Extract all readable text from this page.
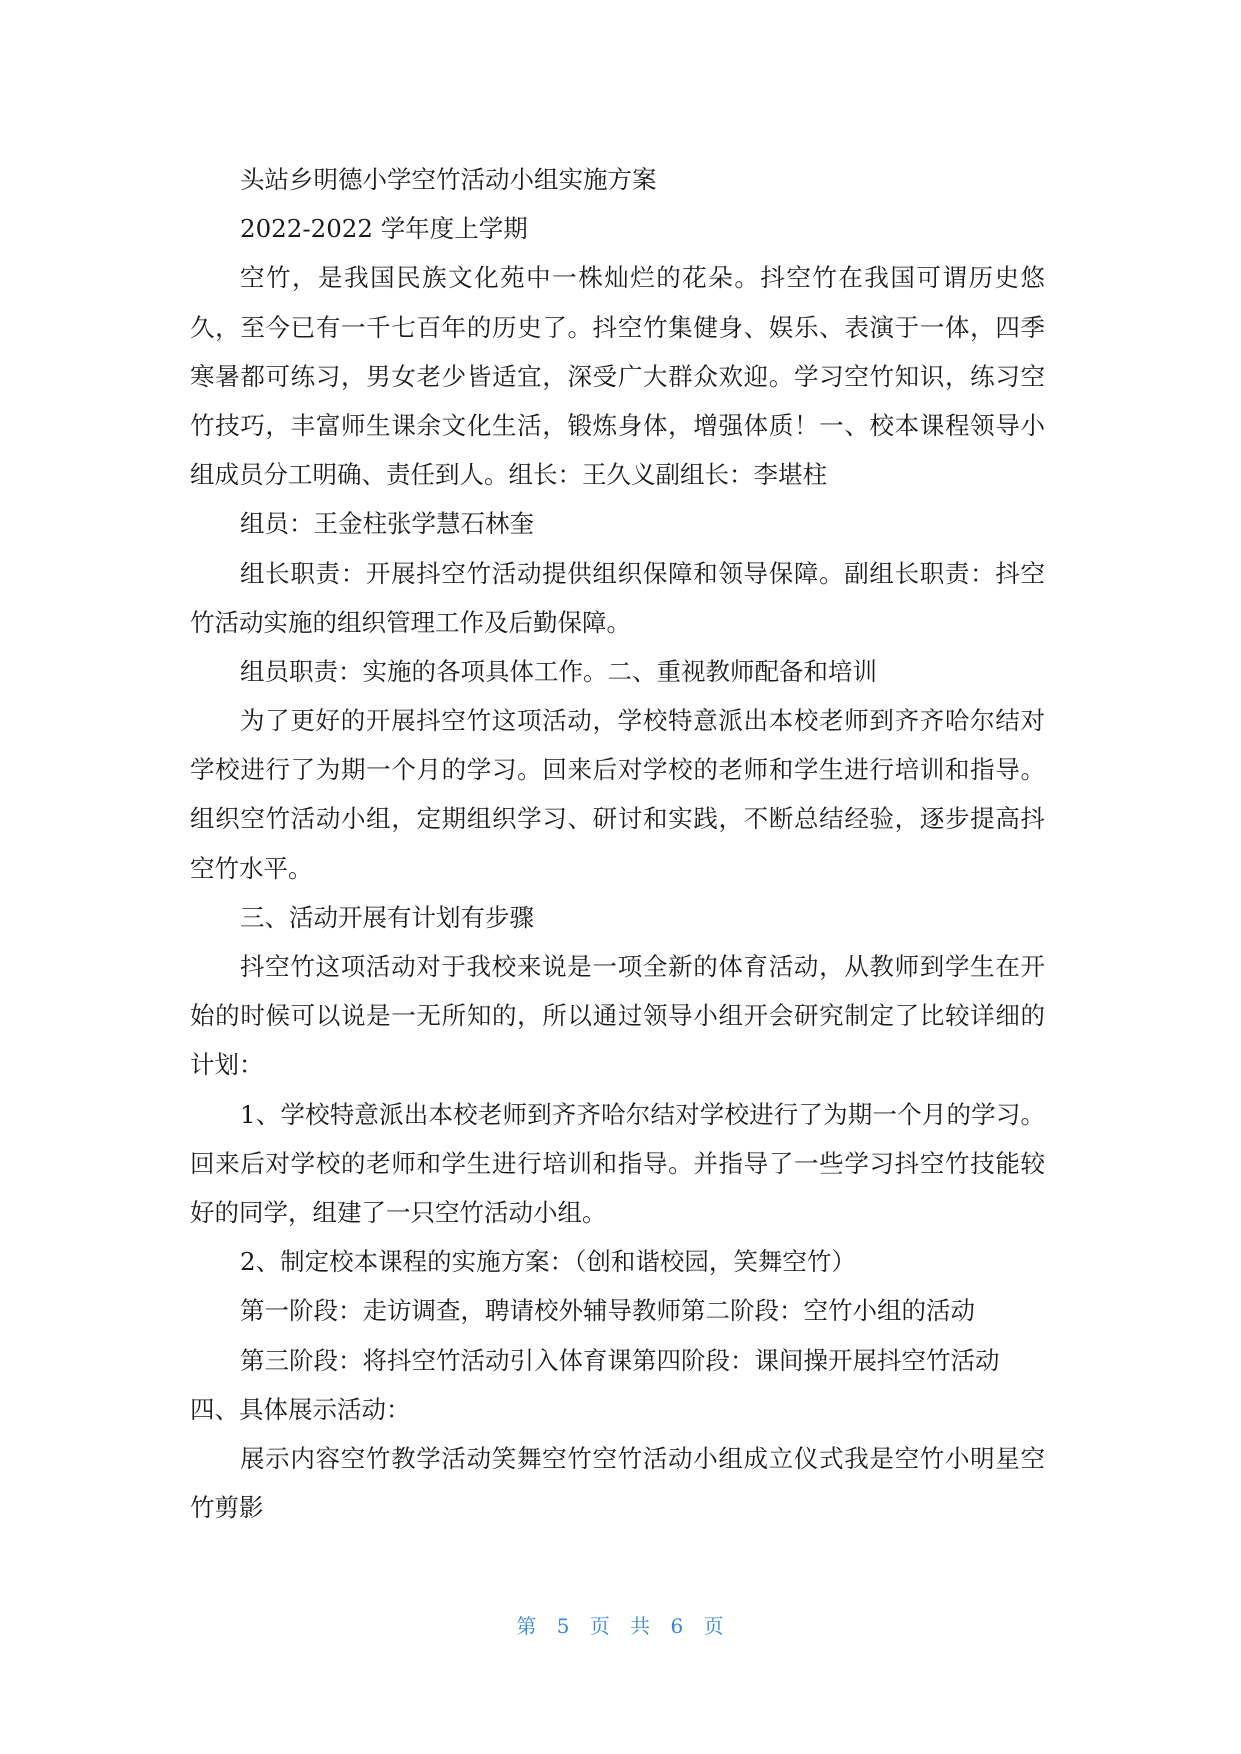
头站乡明德小学空竹活动小组实施方案
2022-2022 学年度上学期
空竹，是我国民族文化苑中一株灿烂的花朵。抖空竹在我国可谓历史悠
久，至今已有一千七百年的历史了。抖空竹集健身、娱乐、表演于一体，四季
寒暑都可练习，男女老少皆适宜，深受广大群众欢迎。学习空竹知识，练习空
竹技巧，丰富师生课余文化生活，锻炼身体，增强体质！一、校本课程领导小
组成员分工明确、责任到人。组长：王久义副组长：李堪柱
组员：王金柱张学慧石林奎
组长职责：开展抖空竹活动提供组织保障和领导保障。副组长职责：抖空
竹活动实施的组织管理工作及后勤保障。
组员职责：实施的各项具体工作。二、重视教师配备和培训
为了更好的开展抖空竹这项活动，学校特意派出本校老师到齐齐哈尔结对
学校进行了为期一个月的学习。回来后对学校的老师和学生进行培训和指导。
组织空竹活动小组，定期组织学习、研讨和实践，不断总结经验，逐步提高抖
空竹水平。
三、活动开展有计划有步骤
抖空竹这项活动对于我校来说是一项全新的体育活动，从教师到学生在开
始的时候可以说是一无所知的，所以通过领导小组开会研究制定了比较详细的
计划：
1、学校特意派出本校老师到齐齐哈尔结对学校进行了为期一个月的学习。
回来后对学校的老师和学生进行培训和指导。并指导了一些学习抖空竹技能较
好的同学，组建了一只空竹活动小组。
2、制定校本课程的实施方案：（创和谐校园，笑舞空竹）
第一阶段：走访调查，聘请校外辅导教师第二阶段：空竹小组的活动
第三阶段：将抖空竹活动引入体育课第四阶段：课间操开展抖空竹活动
四、具体展示活动：
展示内容空竹教学活动笑舞空竹空竹活动小组成立仪式我是空竹小明星空
竹剪影
第 5 页 共 6 页
